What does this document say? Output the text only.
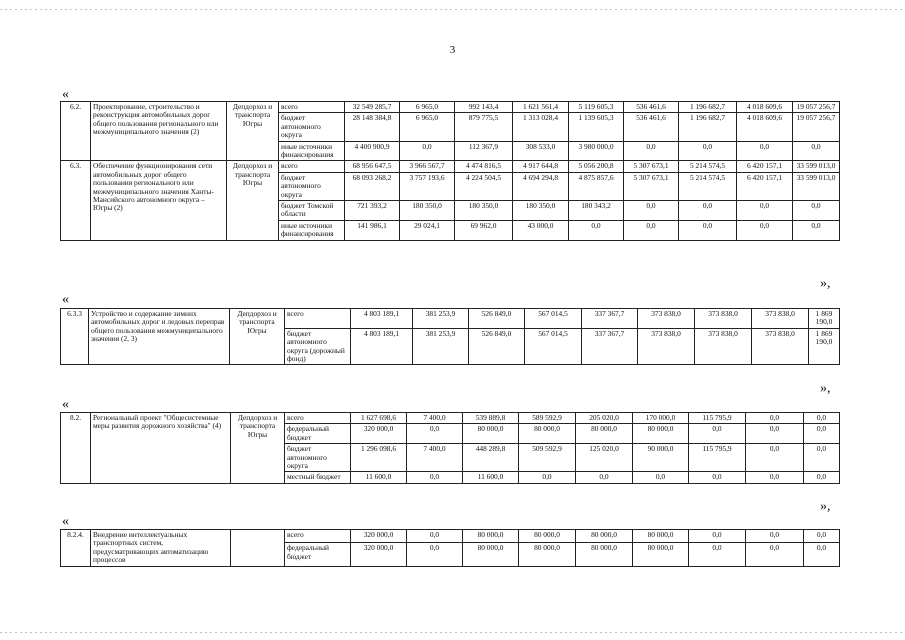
3
«
6.2.	Проектирование, строительство и реконструкция автомобильных дорог общего пользования регионального или межмуниципального значения (2)	Депдорхоз и транспорта Югры	всего	32 549 285,7	6 965,0	992 143,4	1 621 561,4	5 119 605,3	536 461,6	1 196 682,7	4 018 609,6	19 057 256,7
			бюджет автономного округа	28 148 384,8	6 965,0	879 775,5	1 313 028,4	1 139 605,3	536 461,6	1 196 682,7	4 018 609,6	19 057 256,7
			иные источники финансирования	4 400 900,9	0,0	112 367,9	308 533,0	3 980 000,0	0,0	0,0	0,0	0,0
6.3.	Обеспечение функционирования сети автомобильных дорог общего пользования регионального или межмуниципального значения Ханты-Мансийского автономного округа – Югры (2)	Депдорхоз и транспорта Югры	всего	68 956 647,5	3 966 567,7	4 474 816,5	4 917 644,8	5 056 200,8	5 307 673,1	5 214 574,5	6 420 157,1	33 599 013,0
			бюджет автономного округа	68 093 268,2	3 757 193,6	4 224 504,5	4 694 294,8	4 875 857,6	5 307 673,1	5 214 574,5	6 420 157,1	33 599 013,0
			бюджет Томской области	721 393,2	180 350,0	180 350,0	180 350,0	180 343,2	0,0	0,0	0,0	0,0
			иные источники финансирования	141 986,1	29 024,1	69 962,0	43 000,0	0,0	0,0	0,0	0,0	0,0
»,
«
6.3.3	Устройство и содержание зимних автомобильных дорог и ледовых переправ общего пользования межмуниципального значения (2, 3)	Депдорхоз и транспорта Югры	всего	4 803 189,1	381 253,9	526 849,0	567 014,5	337 367,7	373 838,0	373 838,0	373 838,0	1 869 190,0
			бюджет автономного округа (дорожный фонд)	4 803 189,1	381 253,9	526 849,0	567 014,5	337 367,7	373 838,0	373 838,0	373 838,0	1 869 190,0
»,
«
8.2.	Региональный проект "Общесистемные меры развития дорожного хозяйства" (4)	Депдорхоз и транспорта Югры	всего	1 627 698,6	7 400,0	539 889,8	589 592,9	205 020,0	170 000,0	115 795,9	0,0	0,0
			федеральный бюджет	320 000,0	0,0	80 000,0	80 000,0	80 000,0	80 000,0	0,0	0,0	0,0
			бюджет автономного округа	1 296 098,6	7 400,0	448 289,8	509 592,9	125 020,0	90 000,0	115 795,9	0,0	0,0
			местный бюджет	11 600,0	0,0	11 600,0	0,0	0,0	0,0	0,0	0,0	0,0
»,
«
8.2.4.	Внедрение интеллектуальных транспортных систем, предусматривающих автоматизацию процессов		всего	320 000,0	0,0	80 000,0	80 000,0	80 000,0	80 000,0	0,0	0,0	0,0
			федеральный бюджет	320 000,0	0,0	80 000,0	80 000,0	80 000,0	80 000,0	0,0	0,0	0,0
